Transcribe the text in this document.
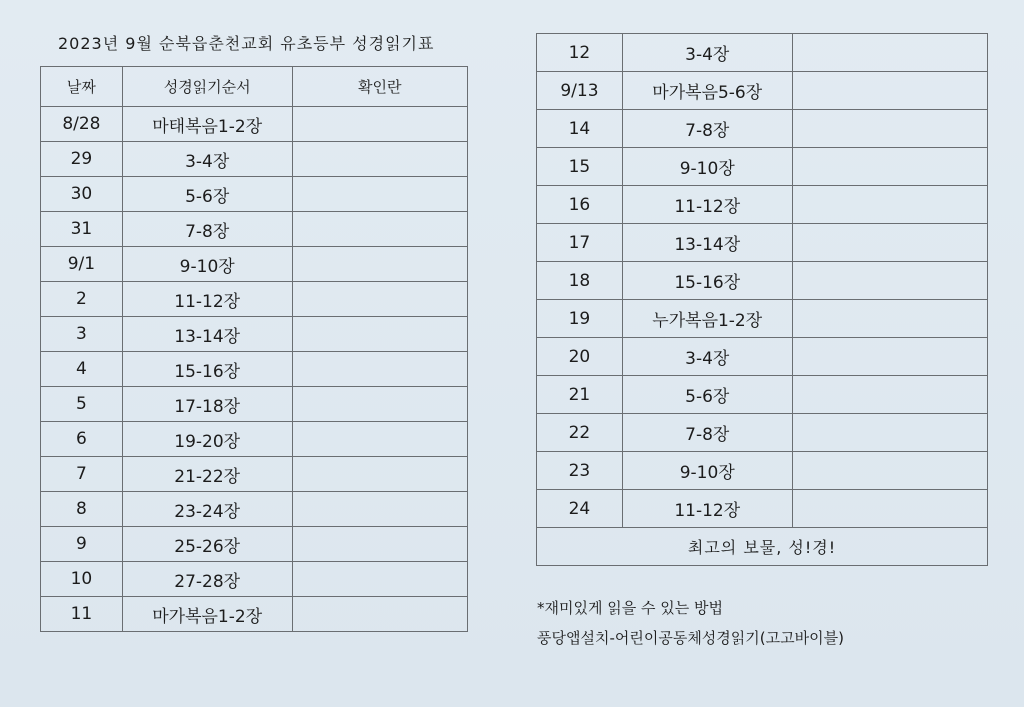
2023년 9월 순북읍춘천교회 유초등부 성경읽기표
날짜	성경읽기순서	확인란
8/28	마태복음1-2장	
29	3-4장	
30	5-6장	
31	7-8장	
9/1	9-10장	
2	11-12장	
3	13-14장	
4	15-16장	
5	17-18장	
6	19-20장	
7	21-22장	
8	23-24장	
9	25-26장	
10	27-28장	
11	마가복음1-2장	
12	3-4장	
9/13	마가복음5-6장	
14	7-8장	
15	9-10장	
16	11-12장	
17	13-14장	
18	15-16장	
19	누가복음1-2장	
20	3-4장	
21	5-6장	
22	7-8장	
23	9-10장	
24	11-12장	
최고의 보물, 성!경!		
*재미있게 읽을 수 있는 방법
풍당앱설치-어린이공동체성경읽기(고고바이블)
